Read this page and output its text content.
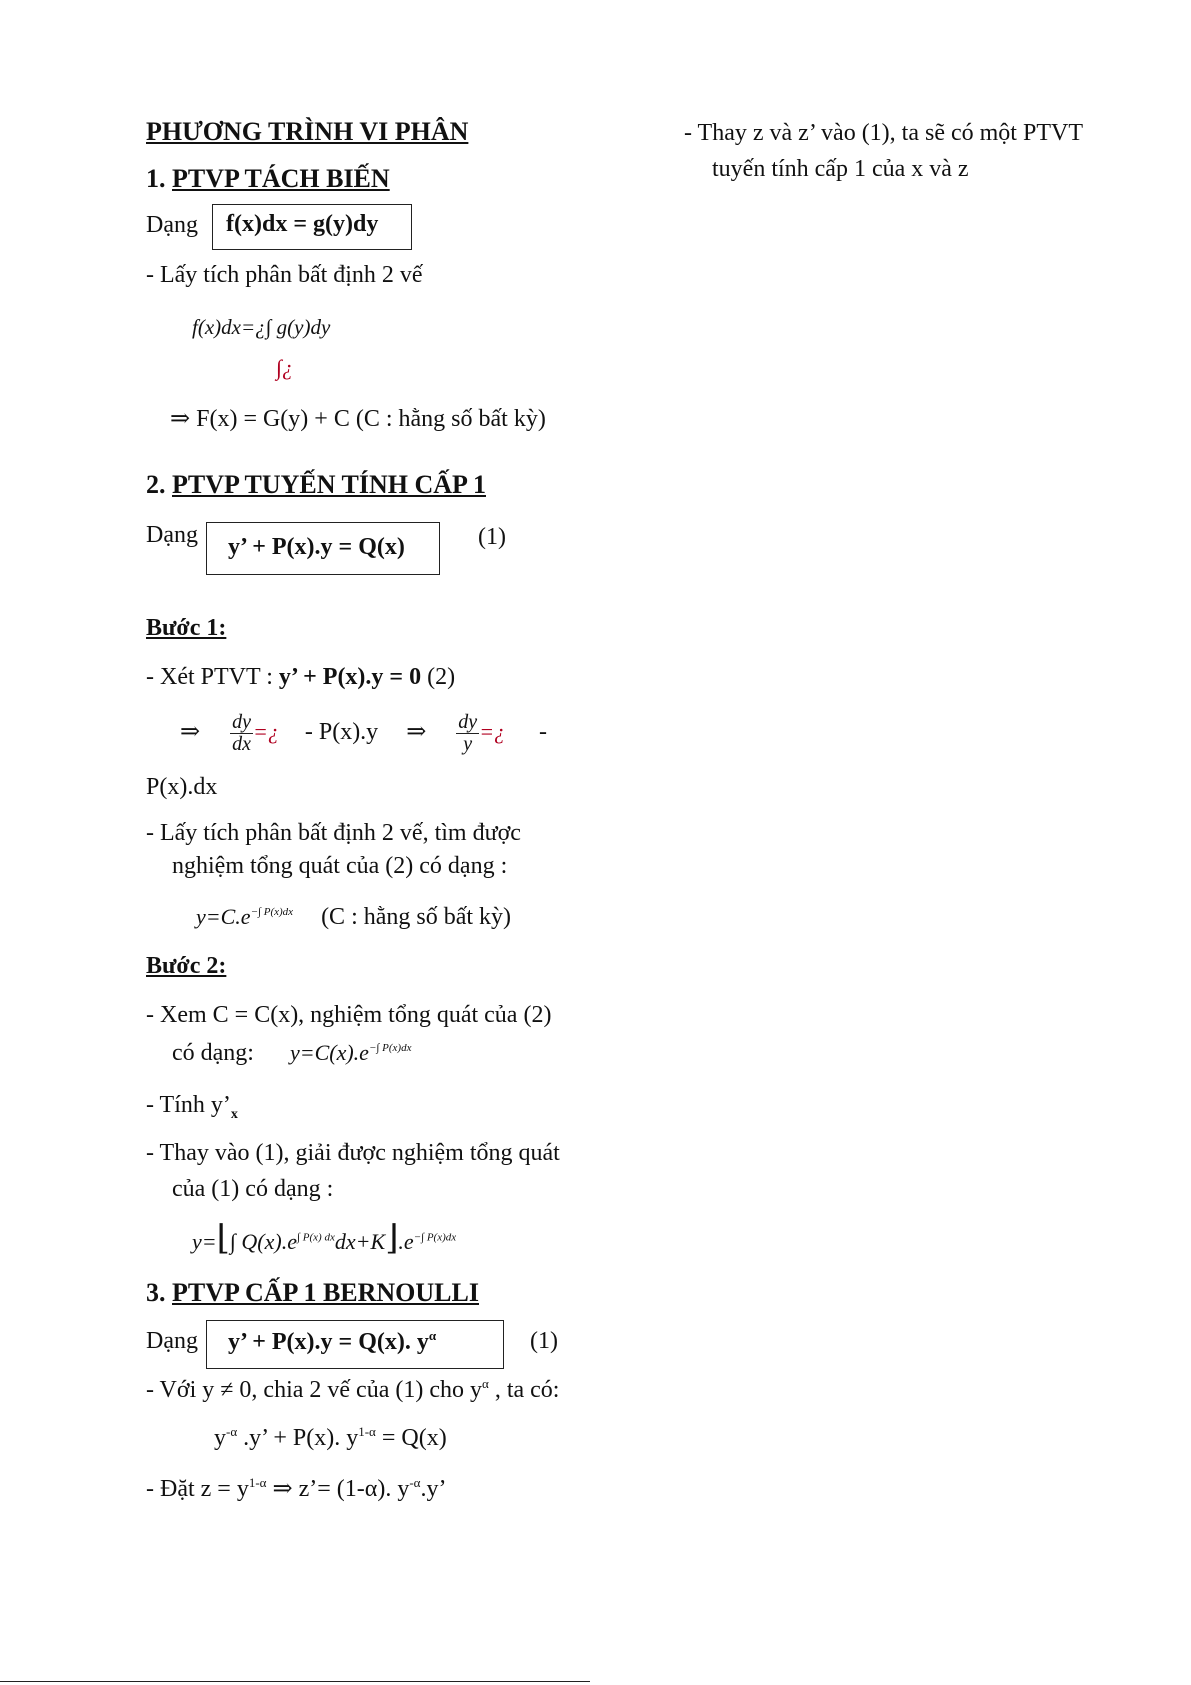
PHƯƠNG TRÌNH VI PHÂN
1. PTVP TÁCH BIẾN
Dạng f(x)dx = g(y)dy
- Lấy tích phân bất định 2 vế
f(x)dx=¿∫ g(y)dy
∫¿
⇒ F(x) = G(y) + C (C : hằng số bất kỳ)
2. PTVP TUYẾN TÍNH CẤP 1
Dạng y’ + P(x).y = Q(x)	(1)
Bước 1:
- Xét PTVT : y’ + P(x).y = 0 (2)
⇒ $\frac{dy}{dx}$ =¿ - P(x).y ⇒ $\frac{dy}{y}$ =¿ -
P(x).dx
- Lấy tích phân bất định 2 vế, tìm được
nghiệm tổng quát của (2) có dạng :
$y=C.e^{-\int P(x)dx}$ (C : hằng số bất kỳ)
Bước 2:
- Xem C = C(x), nghiệm tổng quát của (2)
có dạng: $y=C(x).e^{-\int P(x)dx}$
- Tính $y’_x$
- Thay vào (1), giải được nghiệm tổng quát
của (1) có dạng :
y=⌊∫ $Q(x).e^{\int P(x) dx}dx+K⌋.e^{-\int P(x)dx}$
3. PTVP CẤP 1 BERNOULLI
Dạng y’ + P(x).y = Q(x). $y^\alpha$	(1)
- Với y ≠ 0, chia 2 vế của (1) cho $y^\alpha$ , ta có:
$y^{-\alpha}$ .y’ + P(x). $y^{1-\alpha} = Q(x)$
- Đặt $z = y^{1-\alpha}$ ⇒ z’= (1-α). $y^{-\alpha}.y$’
- Thay z và z’ vào (1), ta sẽ có một PTVT
tuyến tính cấp 1 của x và z
